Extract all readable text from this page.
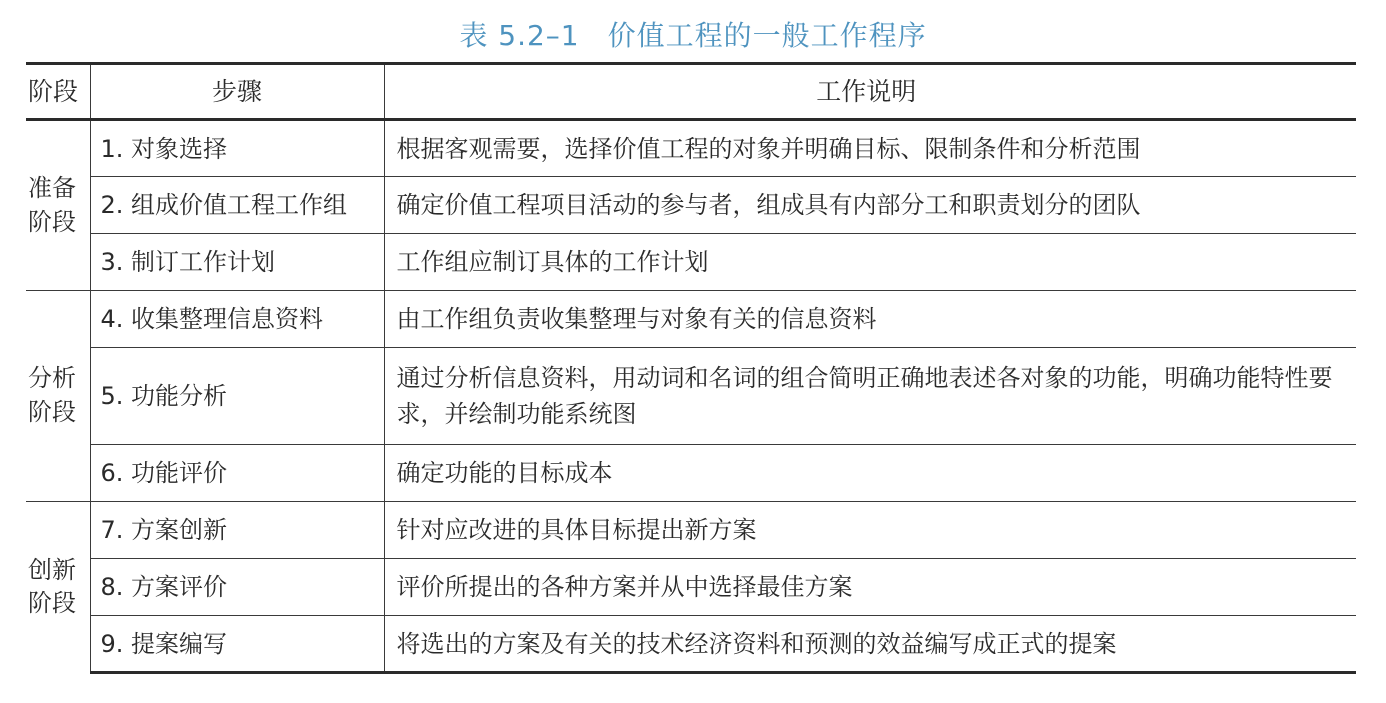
表 5.2–1 价值工程的一般工作程序
阶段	步骤	工作说明
准备阶段	1. 对象选择	根据客观需要，选择价值工程的对象并明确目标、限制条件和分析范围
	2. 组成价值工程工作组	确定价值工程项目活动的参与者，组成具有内部分工和职责划分的团队
	3. 制订工作计划	工作组应制订具体的工作计划
分析阶段	4. 收集整理信息资料	由工作组负责收集整理与对象有关的信息资料
	5. 功能分析	通过分析信息资料，用动词和名词的组合简明正确地表述各对象的功能，明确功能特性要求，并绘制功能系统图
	6. 功能评价	确定功能的目标成本
创新阶段	7. 方案创新	针对应改进的具体目标提出新方案
	8. 方案评价	评价所提出的各种方案并从中选择最佳方案
	9. 提案编写	将选出的方案及有关的技术经济资料和预测的效益编写成正式的提案
